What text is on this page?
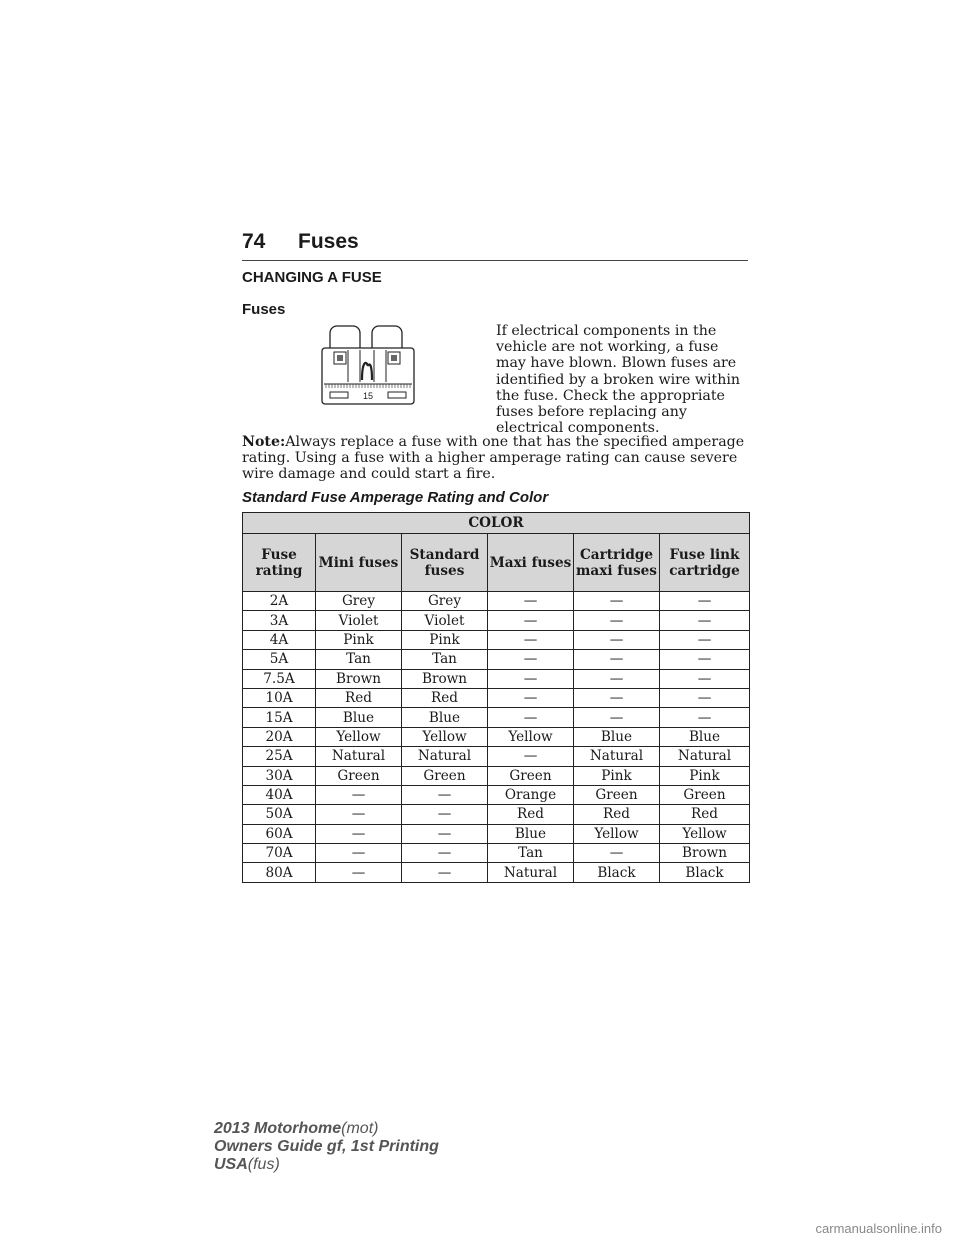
74 Fuses
CHANGING A FUSE
Fuses
15
If electrical components in the vehicle are not working, a fuse may have blown. Blown fuses are identified by a broken wire within the fuse. Check the appropriate fuses before replacing any electrical components.
Note:Always replace a fuse with one that has the specified amperage rating. Using a fuse with a higher amperage rating can cause severe wire damage and could start a fire.
Standard Fuse Amperage Rating and Color
COLOR					
Fuse rating	Mini fuses	Standard fuses	Maxi fuses	Cartridge maxi fuses	Fuse link cartridge
2A	Grey	Grey	—	—	—
3A	Violet	Violet	—	—	—
4A	Pink	Pink	—	—	—
5A	Tan	Tan	—	—	—
7.5A	Brown	Brown	—	—	—
10A	Red	Red	—	—	—
15A	Blue	Blue	—	—	—
20A	Yellow	Yellow	Yellow	Blue	Blue
25A	Natural	Natural	—	Natural	Natural
30A	Green	Green	Green	Pink	Pink
40A	—	—	Orange	Green	Green
50A	—	—	Red	Red	Red
60A	—	—	Blue	Yellow	Yellow
70A	—	—	Tan	—	Brown
80A	—	—	Natural	Black	Black
2013 Motorhome(mot)
Owners Guide gf, 1st Printing
USA(fus)
carmanualsonline.info
